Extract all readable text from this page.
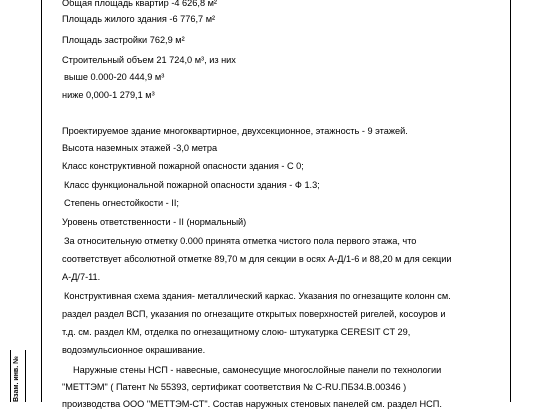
Взам. инв. №
Общая площадь квартир -4 626,8 м²
Площадь жилого здания -6 776,7 м²
Площадь застройки 762,9 м²
Строительный объем 21 724,0 м³, из них
выше 0.000-20 444,9 м³
ниже 0,000-1 279,1 м³
Проектируемое здание многоквартирное, двухсекционное, этажность - 9 этажей.
Высота наземных этажей -3,0 метра
Класс конструктивной пожарной опасности здания - С 0;
Класс функциональной пожарной опасности здания - Ф 1.3;
Степень огнестойкости - II;
Уровень ответственности - II (нормальный)
За относительную отметку 0.000 принята отметка чистого пола первого этажа, что
соответствует абсолютной отметке 89,70 м для секции в осях А-Д/1-6 и 88,20 м для секции
А-Д/7-11.
Конструктивная схема здания- металлический каркас. Указания по огнезащите колонн см.
раздел раздел ВСП, указания по огнезащите открытых поверхностей ригелей, косоуров и
т.д. см. раздел КМ, отделка по огнезащитному слою- штукатурка CERESIT CT 29,
водоэмульсионное окрашивание.
Наружные стены НСП - навесные, самонесущие многослойные панели по технологии
"МЕТТЭМ" ( Патент № 55393, сертификат соответствия № C-RU.ПБ34.В.00346 )
производства ООО "МЕТТЭМ-СТ". Состав наружных стеновых панелей см. раздел НСП.
